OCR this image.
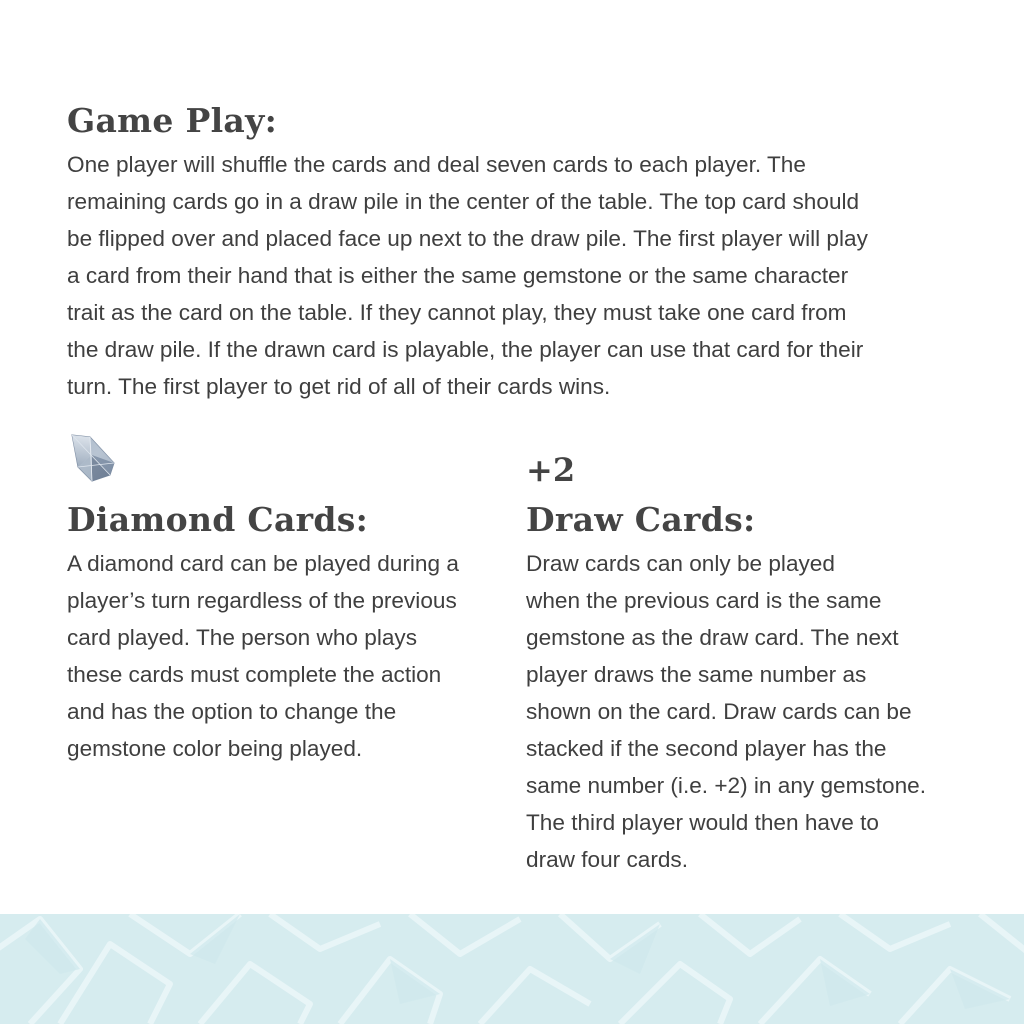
Game Play:

One player will shuffle the cards and deal seven cards to each player. The
remaining cards go in a draw pile in the center of the table. The top card should
be flipped over and placed face up next to the draw pile. The first player will play
a card from their hand that is either the same gemstone or the same character
trait as the card on the table. If they cannot play, they must take one card from
the draw pile. If the drawn card is playable, the player can use that card for their
turn. The first player to get rid of all of their cards wins.

Diamond Cards:

A diamond card can be played during a
player’s turn regardless of the previous
card played. The person who plays
these cards must complete the action
and has the option to change the
gemstone color being played.

+2
Draw Cards:

Draw cards can only be played
when the previous card is the same
gemstone as the draw card. The next
player draws the same number as
shown on the card. Draw cards can be
stacked if the second player has the
same number (i.e. +2) in any gemstone.
The third player would then have to
draw four cards.
